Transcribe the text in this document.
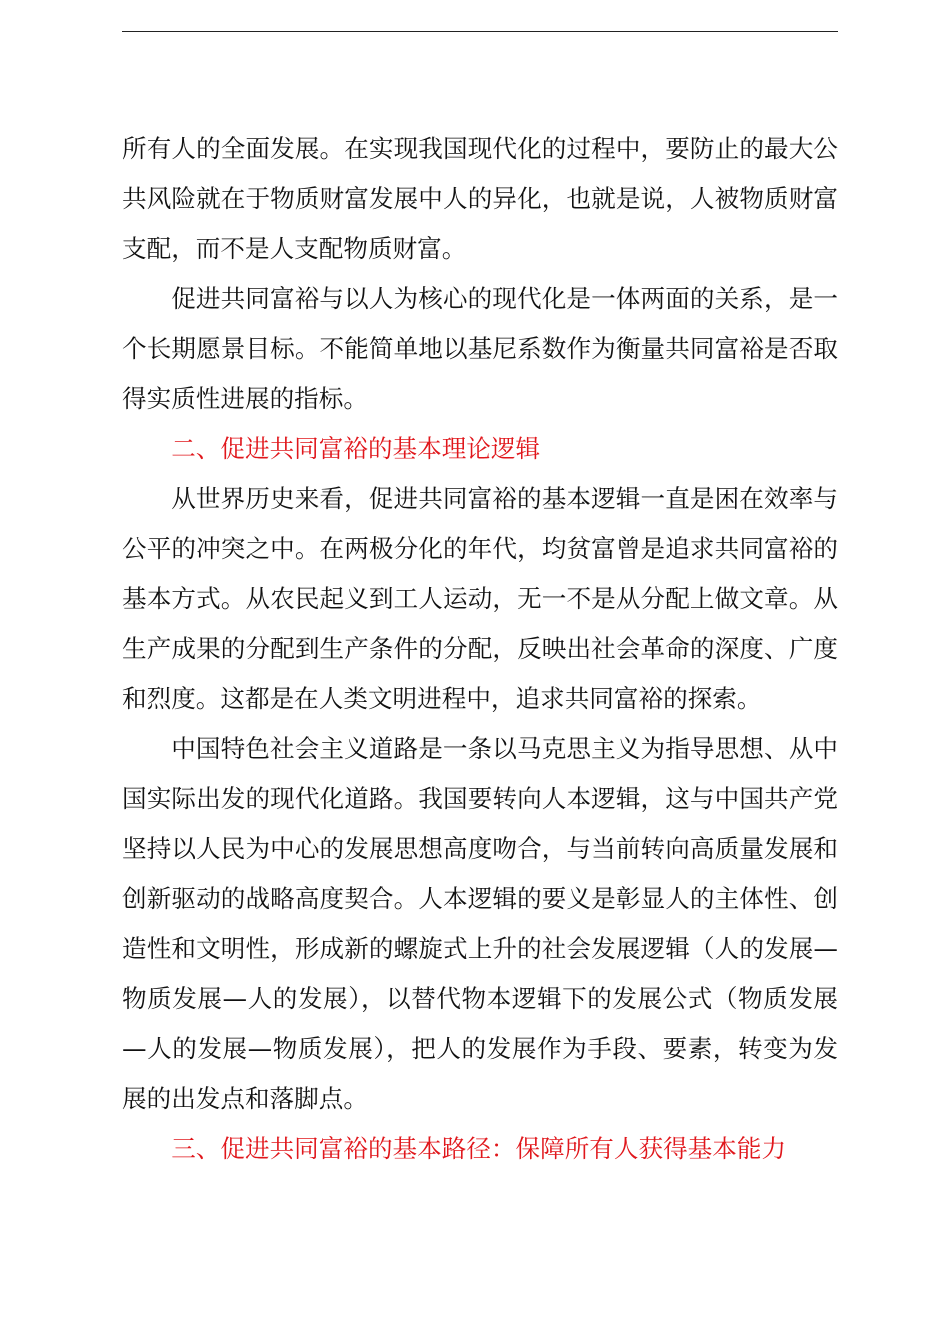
所有人的全面发展。在实现我国现代化的过程中，要防止的最大公共风险就在于物质财富发展中人的异化，也就是说，人被物质财富支配，而不是人支配物质财富。

促进共同富裕与以人为核心的现代化是一体两面的关系，是一个长期愿景目标。不能简单地以基尼系数作为衡量共同富裕是否取得实质性进展的指标。

二、促进共同富裕的基本理论逻辑

从世界历史来看，促进共同富裕的基本逻辑一直是困在效率与公平的冲突之中。在两极分化的年代，均贫富曾是追求共同富裕的基本方式。从农民起义到工人运动，无一不是从分配上做文章。从生产成果的分配到生产条件的分配，反映出社会革命的深度、广度和烈度。这都是在人类文明进程中，追求共同富裕的探索。

中国特色社会主义道路是一条以马克思主义为指导思想、从中国实际出发的现代化道路。我国要转向人本逻辑，这与中国共产党坚持以人民为中心的发展思想高度吻合，与当前转向高质量发展和创新驱动的战略高度契合。人本逻辑的要义是彰显人的主体性、创造性和文明性，形成新的螺旋式上升的社会发展逻辑（人的发展—物质发展—人的发展），以替代物本逻辑下的发展公式（物质发展—人的发展—物质发展），把人的发展作为手段、要素，转变为发展的出发点和落脚点。

三、促进共同富裕的基本路径：保障所有人获得基本能力
